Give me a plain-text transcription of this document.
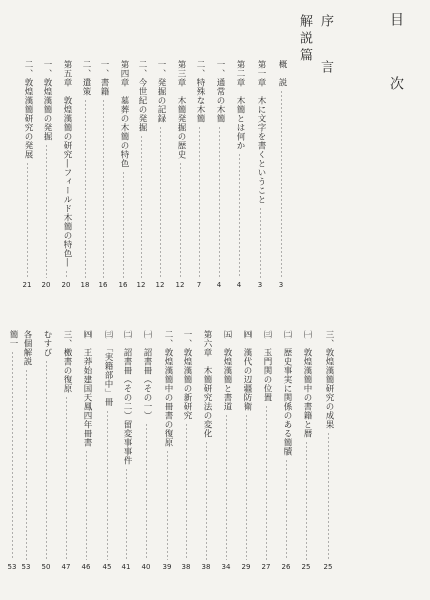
目　次
序　言
解説篇
概　説
3
第一章　木に文字を書くということ
3
第二章　木簡とは何か
4
一、通常の木簡
4
二、特殊な木簡
7
第三章　木簡発掘の歴史
12
一、発掘の記録
12
二、今世紀の発掘
12
第四章　墓葬の木簡の特色
16
一、書籍
16
二、遣策
18
第五章　敦煌漢簡の研究
―フィールド木簡の特色―
20
一、敦煌漢簡の発掘
20
二、敦煌漢簡研究の発展
21
三、敦煌漢簡研究の成果
25
㈠　敦煌漢簡中の書籍と暦
25
㈡　歴史事実に関係のある簡牘
26
㈢　玉門関の位置
27
㈣　漢代の辺疆防衛
29
㈤　敦煌漢簡と書道
34
第六章　木簡研究法の変化
38
一、敦煌漢簡の新研究
38
二、敦煌漢簡中の冊書の復原
39
㈠　詔書冊（その一）
40
㈡　詔書冊（その二）留変事事件
41
㈢　「実籍部中」冊
45
㈣　王莽始建国天鳳四年冊書
46
三、檄書の復原
47
むすび
50
各個解説
53
簡一
53
